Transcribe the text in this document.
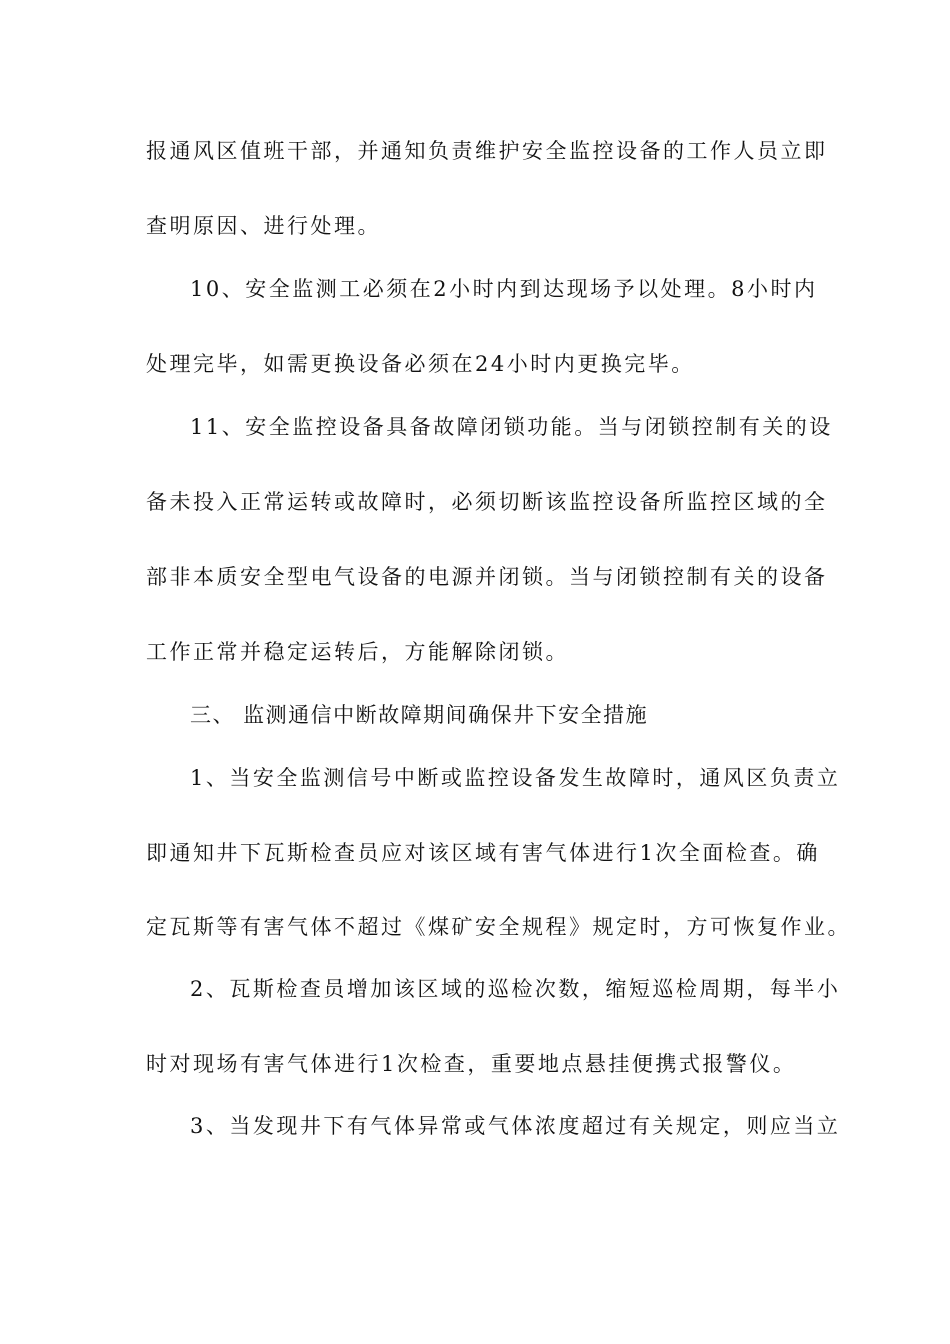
报通风区值班干部，并通知负责维护安全监控设备的工作人员立即
查明原因、进行处理。
10、安全监测工必须在2小时内到达现场予以处理。8小时内
处理完毕，如需更换设备必须在24小时内更换完毕。
11、安全监控设备具备故障闭锁功能。当与闭锁控制有关的设
备未投入正常运转或故障时，必须切断该监控设备所监控区域的全
部非本质安全型电气设备的电源并闭锁。当与闭锁控制有关的设备
工作正常并稳定运转后，方能解除闭锁。
三、 监测通信中断故障期间确保井下安全措施
1、当安全监测信号中断或监控设备发生故障时，通风区负责立
即通知井下瓦斯检查员应对该区域有害气体进行1次全面检查。确
定瓦斯等有害气体不超过《煤矿安全规程》规定时，方可恢复作业。
2、瓦斯检查员增加该区域的巡检次数，缩短巡检周期，每半小
时对现场有害气体进行1次检查，重要地点悬挂便携式报警仪。
3、当发现井下有气体异常或气体浓度超过有关规定，则应当立
